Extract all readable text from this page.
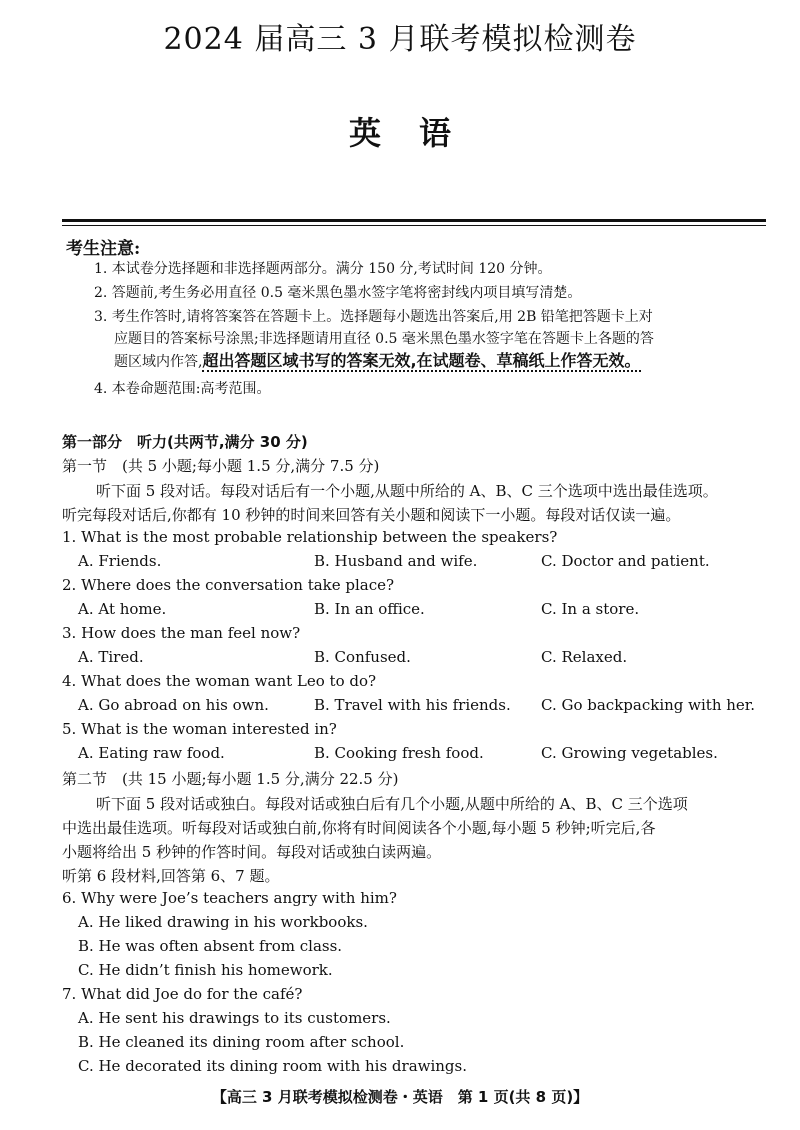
2024 届高三 3 月联考模拟检测卷
英语
考生注意:
1. 本试卷分选择题和非选择题两部分。满分 150 分,考试时间 120 分钟。
2. 答题前,考生务必用直径 0.5 毫米黑色墨水签字笔将密封线内项目填写清楚。
3. 考生作答时,请将答案答在答题卡上。选择题每小题选出答案后,用 2B 铅笔把答题卡上对
应题目的答案标号涂黑;非选择题请用直径 0.5 毫米黑色墨水签字笔在答题卡上各题的答
题区域内作答,超出答题区域书写的答案无效,在试题卷、草稿纸上作答无效。
4. 本卷命题范围:高考范围。
第一部分　听力(共两节,满分 30 分)
第一节　(共 5 小题;每小题 1.5 分,满分 7.5 分)
听下面 5 段对话。每段对话后有一个小题,从题中所给的 A、B、C 三个选项中选出最佳选项。
听完每段对话后,你都有 10 秒钟的时间来回答有关小题和阅读下一小题。每段对话仅读一遍。
1. What is the most probable relationship between the speakers?
A. Friends.	B. Husband and wife.	C. Doctor and patient.
2. Where does the conversation take place?
A. At home.	B. In an office.	C. In a store.
3. How does the man feel now?
A. Tired.	B. Confused.	C. Relaxed.
4. What does the woman want Leo to do?
A. Go abroad on his own.	B. Travel with his friends. C. Go backpacking with her.
5. What is the woman interested in?
A. Eating raw food.	B. Cooking fresh food.	C. Growing vegetables.
第二节　(共 15 小题;每小题 1.5 分,满分 22.5 分)
听下面 5 段对话或独白。每段对话或独白后有几个小题,从题中所给的 A、B、C 三个选项
中选出最佳选项。听每段对话或独白前,你将有时间阅读各个小题,每小题 5 秒钟;听完后,各
小题将给出 5 秒钟的作答时间。每段对话或独白读两遍。
听第 6 段材料,回答第 6、7 题。
6. Why were Joe’s teachers angry with him?
A. He liked drawing in his workbooks.
B. He was often absent from class.
C. He didn’t finish his homework.
7. What did Joe do for the café?
A. He sent his drawings to its customers.
B. He cleaned its dining room after school.
C. He decorated its dining room with his drawings.
【高三 3 月联考模拟检测卷・英语　第 1 页(共 8 页)】
